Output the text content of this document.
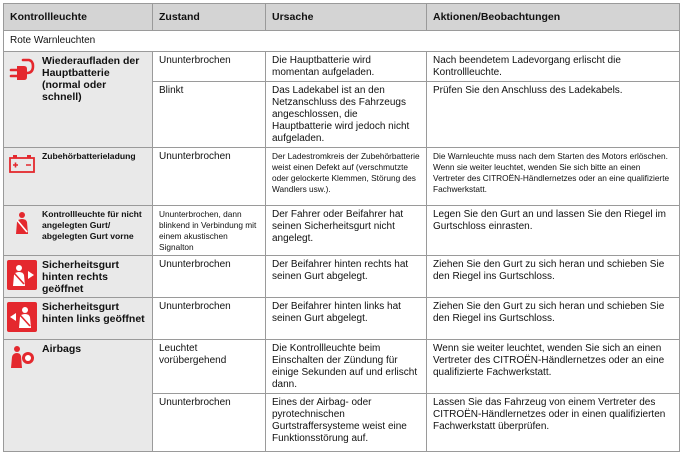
Kontrollleuchte	Zustand	Ursache	Aktionen/Beobachtungen
Rote Warnleuchten			

Wiederaufladen der Hauptbatterie (normal oder schnell)	Ununterbrochen	Die Hauptbatterie wird momentan aufgeladen.	Nach beendetem Ladevorgang erlischt die Kontrollleuchte.
	Blinkt	Das Ladekabel ist an den Netzanschluss des Fahrzeugs angeschlossen, die Hauptbatterie wird jedoch nicht aufgeladen.	Prüfen Sie den Anschluss des Ladekabels.

Zubehörbatterieladung	Ununterbrochen	Der Ladestromkreis der Zubehörbatterie weist einen Defekt auf (verschmutzte oder gelockerte Klemmen, Störung des Wandlers usw.).	Die Warnleuchte muss nach dem Starten des Motors erlöschen. Wenn sie weiter leuchtet, wenden Sie sich bitte an einen Vertreter des CITROËN-Händlernetzes oder an eine qualifizierte Fachwerkstatt.

Kontrollleuchte für nicht angelegten Gurt/ abgelegten Gurt vorne	Ununterbrochen, dann blinkend in Verbindung mit einem akustischen Signalton	Der Fahrer oder Beifahrer hat seinen Sicherheitsgurt nicht angelegt.	Legen Sie den Gurt an und lassen Sie den Riegel im Gurtschloss einrasten.

Sicherheitsgurt hinten rechts geöffnet	Ununterbrochen	Der Beifahrer hinten rechts hat seinen Gurt abgelegt.	Ziehen Sie den Gurt zu sich heran und schieben Sie den Riegel ins Gurtschloss.

Sicherheitsgurt hinten links geöffnet	Ununterbrochen	Der Beifahrer hinten links hat seinen Gurt abgelegt.	Ziehen Sie den Gurt zu sich heran und schieben Sie den Riegel ins Gurtschloss.

Airbags	Leuchtet vorübergehend	Die Kontrollleuchte beim Einschalten der Zündung für einige Sekunden auf und erlischt dann.	Wenn sie weiter leuchtet, wenden Sie sich an einen Vertreter des CITROËN-Händlernetzes oder an eine qualifizierte Fachwerkstatt.
	Ununterbrochen	Eines der Airbag- oder pyrotechnischen Gurtstraffersysteme weist eine Funktionsstörung auf.	Lassen Sie das Fahrzeug von einem Vertreter des CITROËN-Händlernetzes oder in einen qualifizierten Fachwerkstatt überprüfen.
